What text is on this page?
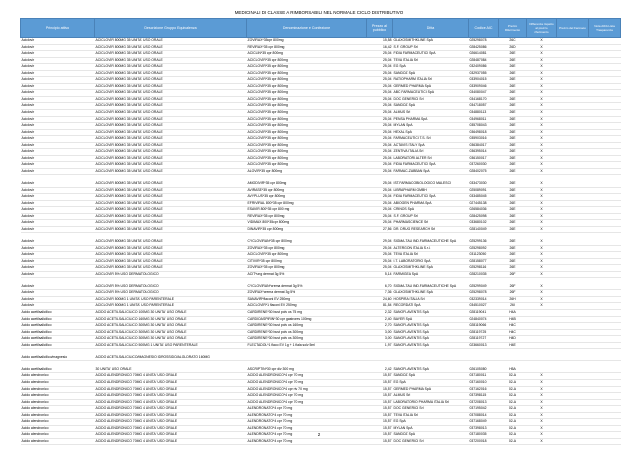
MEDICINALI DI CLASSE A RIMBORSABILI NEL NORMALE CICLO DISTRIBUTIVO
Principio attivo	Descrizione Gruppo Equivalenza	Denominazione e Confezione	Prezzo al pubblico	Ditta	Codice AIC	Prezzo Riferimento	Differenza rispetto al prezzo riferimento	Prezzo del Farmaco	Nota AIFA Lista Trasparenza
Aciclovir	ACICLOVIR 800MG 35 UNITA' USO ORALE	ZOVIRAX*35cpr 800mg	15,58	GLAXOSMITHKLINE SpA	025298078	26C	X		
Aciclovir	ACICLOVIR 800MG 35 UNITA' USO ORALE	REVIRAX*35 cpr 800mg	16,42	S.F. GROUP Srl	028425086	26D	X		
Aciclovir	ACICLOVIR 800MG 35 UNITA' USO ORALE	ACICLIN*35 cpr 800mg	25,04	FIDIA FARMACEUTICI SpA	026614081	26E	X		
Aciclovir	ACICLOVIR 800MG 35 UNITA' USO ORALE	ACICLOVIR*35 cpr 800mg	25,04	TEVA ITALIA Srl	028487084	26E	X		
Aciclovir	ACICLOVIR 800MG 35 UNITA' USO ORALE	ACICLOVIR*35 cpr 800mg	25,04	EG SpA	032409086	26E	X		
Aciclovir	ACICLOVIR 800MG 35 UNITA' USO ORALE	ACICLOVIR*35 cpr 800mg	25,04	SANDOZ SpA	032937055	26E	X		
Aciclovir	ACICLOVIR 800MG 35 UNITA' USO ORALE	ACICLOVIR*35 cpr 800mg	25,04	RATIOPHARM ITALIA Srl	033904015	26E	X		
Aciclovir	ACICLOVIR 800MG 35 UNITA' USO ORALE	ACICLOVIR*35 cpr 800mg	25,04	GERMED PHARMA SpA	033909046	26E	X		
Aciclovir	ACICLOVIR 800MG 35 UNITA' USO ORALE	ACICLOVIR*35 cpr 800mg	25,04	ABC FARMACEUTICI SpA	034080047	26E	X		
Aciclovir	ACICLOVIR 800MG 35 UNITA' USO ORALE	ACICLOVIR*35 cpr 800mg	25,04	DOC GENERICI Srl	034168170	26E	X		
Aciclovir	ACICLOVIR 800MG 35 UNITA' USO ORALE	ACICLOVIR*35 cpr 800mg	25,04	SANDOZ SpA	034718057	26E	X		
Aciclovir	ACICLOVIR 800MG 35 UNITA' USO ORALE	ACICLOVIR*35 cpr 800mg	25,04	ALMUS Srl	034880113	26E	X		
Aciclovir	ACICLOVIR 800MG 35 UNITA' USO ORALE	ACICLOVIR*35 cpr 800mg	25,04	PENSA PHARMA SpA	034968011	26E	X		
Aciclovir	ACICLOVIR 800MG 35 UNITA' USO ORALE	ACICLOVIR*35 cpr 800mg	25,04	MYLAN SpA	035708043	26E	X		
Aciclovir	ACICLOVIR 800MG 35 UNITA' USO ORALE	ACICLOVIR*35 cpr 800mg	25,04	HEXAL SpA	036498018	26E	X		
Aciclovir	ACICLOVIR 800MG 35 UNITA' USO ORALE	ACICLOVIR*35 cpr 800mg	25,04	FARMACEUTICI T.S. Srl	035903016	26E	X		
Aciclovir	ACICLOVIR 800MG 35 UNITA' USO ORALE	ACICLOVIR*35 cpr 800mg	25,04	ACTAVIS ITALY SpA	036384017	26E	X		
Aciclovir	ACICLOVIR 800MG 35 UNITA' USO ORALE	ACICLOVIR*35 cpr 800mg	25,04	ZENTIVA ITALIA Srl	036395014	26E	X		
Aciclovir	ACICLOVIR 800MG 35 UNITA' USO ORALE	ACICLOVIR*35 cpr 800mg	25,04	LABORATORI ALTER Srl	036150017	26E	X		
Aciclovir	ACICLOVIR 800MG 35 UNITA' USO ORALE	ACICLOVIR*35 cpr 800mg	25,04	FIDIA FARMACEUTICI SpA	037260030	26E	X		
Aciclovir	ACICLOVIR 800MG 35 UNITA' USO ORALE	ALOVIR*35 cpr 800mg	25,04	FARMAC-ZABBAN SpA	028402075	26E	X		

Aciclovir	ACICLOVIR 800MG 35 UNITA' USO ORALE	AMODIVIR*35 cpr 800mg	25,04	IST.FARMACOBIOLOGICO MALESCI	033473030	26E	X		
Aciclovir	ACICLOVIR 800MG 35 UNITA' USO ORALE	AVIRASE*35 cpr 800mg	25,04	LIBRAPHARM GMBH	025089091	26E	X		
Aciclovir	ACICLOVIR 800MG 35 UNITA' USO ORALE	AVYPLUS*35 cpr 800mg	25,04	FIDIA FARMACEUTICI SpA	033485045	26E	X		
Aciclovir	ACICLOVIR 800MG 35 UNITA' USO ORALE	EFRIVIRAL 800*35 cpr 800mg	25,04	ABIOGEN PHARMA SpA	027445138	26E	X		
Aciclovir	ACICLOVIR 800MG 35 UNITA' USO ORALE	ESAVIR 800*35 cpr 800 mg	25,04	CRINOS SpA	026584036	26E	X		
Aciclovir	ACICLOVIR 800MG 35 UNITA' USO ORALE	REVIRAX*35 cpr 800mg	25,04	S.F. GROUP Srl	028425098	26E	X		
Aciclovir	ACICLOVIR 800MG 35 UNITA' USO ORALE	VIDIMAX 800*35cpr 800mg	25,04	PHARMASCIENCE Srl	033680102	26E	X		
Aciclovir	ACICLOVIR 800MG 35 UNITA' USO ORALE	DINAVIR*35 cpr 800mg	27,56	DR. DRUG RESEARCH Srl	028140049	26E	X		

Aciclovir	ACICLOVIR 800MG 35 UNITA' USO ORALE	CYCLOVIRAN*35 cpr 800mg	29,04	SIGMA-TAU IND.FARMACEUTICHE SpA	025299136	26E	X		
Aciclovir	ACICLOVIR 800MG 35 UNITA' USO ORALE	ZOVIRAX*35 cpr 800mg	25,04	ALTERGON ITALIA S.r.l.	025298092	26E	X		
Aciclovir	ACICLOVIR 800MG 35 UNITA' USO ORALE	ACICLOVIR*35 cpr 800mg	25,04	TEVA ITALIA Srl	031123050	26E	X		
Aciclovir	ACICLOVIR 800MG 35 UNITA' USO ORALE	CITIVIR*35 cpr 800mg	25,04	I.T. LABORATORIO SpA	028158077	26E	X		
Aciclovir	ACICLOVIR 800MG 35 UNITA' USO ORALE	ZOVIRAX*35 cpr 800mg	25,04	GLAXOSMITHKLINE SpA	025298116	26E	X		
Aciclovir	ACICLOVIR 5% USO DERMATOLOGICO	ACIT*ung dermat 3g 5%	5,14	FARMIGEA SpA	028210035	26F	X		

Aciclovir	ACICLOVIR 5% USO DERMATOLOGICO	CYCLOVIRAN*crema dermat 3g 5%	6,70	SIGMA-TAU IND.FARMACEUTICHE SpA	025299049	26F	X		
Aciclovir	ACICLOVIR 5% USO DERMATOLOGICO	ZOVIRAX*crema dermat 3g 5%	7,36	GLAXOSMITHKLINE SpA	025298078	26F	X		
Aciclovir	ACICLOVIR 500MG 1 UNITA' USO PARENTERALE	SANAVIR*flaconi EV 250mg	24,60	HOSPIRA ITALIA Srl	032339014	26H	X		
Aciclovir	ACICLOVIR 500MG 1 UNITA' USO PARENTERALE	ACICLOVIR*1 flaconi EV 250mg	81,54	RECORDATI SpA	034510027	26I	X		
Acido acetilsalicilico	ACIDO ACETILSALICILICO 100MG 30 UNITA' USO ORALE	CARDIRENE*30 bust polv os 75 mg	2,32	SANOFI-AVENTIS SpA	028119041	H4A			
Acido acetilsalicilico	ACIDO ACETILSALICILICO 160MG 30 UNITA' USO ORALE	CARDIOASPIRIN*30 cpr gastrores 100mg	2,40	BAYER SpA	024840074	H4B			
Acido acetilsalicilico	ACIDO ACETILSALICILICO 300MG 30 UNITA' USO ORALE	CARDIRENE*30 bust polv os 160mg	2,70	SANOFI-AVENTIS SpA	028119066	H4C			
Acido acetilsalicilico	ACIDO ACETILSALICILICO 300MG 30 UNITA' USO ORALE	CARDIRENE*30 bust polv os 300mg	3,00	SANOFI-AVENTIS SpA	028119725	H4C			
Acido acetilsalicilico	ACIDO ACETILSALICILICO 300MG 30 UNITA' USO ORALE	CARDIRENE*30 bust polv os 300mg	3,00	SANOFI-AVENTIS SpA	028119727	H4D			
Acido acetilsalicilico	ACIDO ACETILSALICILICO 500MG 1 UNITA' USO PARENTERALE	FLECTADOL*1 flaco EV 1g + 1 fiala solv 5ml	1,97	SANOFI-AVENTIS SpA	023660013	H4E			

Acido acetilsalicilico/magnesio	ACIDO ACETILSALICILICO/MAGNESIO IDROSSIDO/ALGLDRATO 160MG								

Acido acetilsalicilico	30 UNITA' USO ORALE	ASCRIPTIN*30 cpr div 300 mg	2,42	SANOFI-AVENTIS SpA	026105080	H5A			
Acido alendronico	ACIDO ALENDRONICO 70MG 4 UNITA' USO ORALE	ACIDO ALENDRONICO*4 cpr 70 mg	15,57	SANDOZ SpA	037180011	02-A	X		
Acido alendronico	ACIDO ALENDRONICO 70MG 4 UNITA' USO ORALE	ACIDO ALENDRONICO*4 cpr 70 mg	15,57	EG SpA	037160010	02-A	X		
Acido alendronico	ACIDO ALENDRONICO 70MG 4 UNITA' USO ORALE	ACIDO ALENDRONICO*4 cpr riv 70 mg	15,57	GERMED PHARMA SpA	037162016	02-A	X		
Acido alendronico	ACIDO ALENDRONICO 70MG 4 UNITA' USO ORALE	ACIDO ALENDRONICO*4 cpr 70 mg	15,57	ALMUS Srl	037398115	02-A	X		
Acido alendronico	ACIDO ALENDRONICO 70MG 4 UNITA' USO ORALE	ACIDO ALENDRONICO*4 cpr 70 mg	15,57	LABORATORIO PHARMA ITALIA Srl	037208013	02-A	X		
Acido alendronico	ACIDO ALENDRONICO 70MG 4 UNITA' USO ORALE	ALENDRONATO*4 cpr 70 mg	15,57	DOC GENERICI Srl	037195042	02-A	X		
Acido alendronico	ACIDO ALENDRONICO 70MG 4 UNITA' USO ORALE	ALENDRONATO*4 cpr 70 mg	15,57	TEVA ITALIA Srl	037088014	02-A	X		
Acido alendronico	ACIDO ALENDRONICO 70MG 4 UNITA' USO ORALE	ALENDRONATO*4 cpr 70 mg	15,57	EG SpA	037168049	02-A	X		
Acido alendronico	ACIDO ALENDRONICO 70MG 4 UNITA' USO ORALE	ALENDRONATO*4 cpr 70 mg	15,57	MYLAN SpA	037398013	02-A	X		
Acido alendronico	ACIDO ALENDRONICO 70MG 4 UNITA' USO ORALE	ALENDRONATO*4 cpr 70 mg	15,57	SANDOZ SpA	037180035	02-A	X		
Acido alendronico	ACIDO ALENDRONICO 70MG 4 UNITA' USO ORALE	ALENDRONATO*4 cpr 70 mg	15,57	DOC GENERICI Srl	037200018	02-A	X		
2
